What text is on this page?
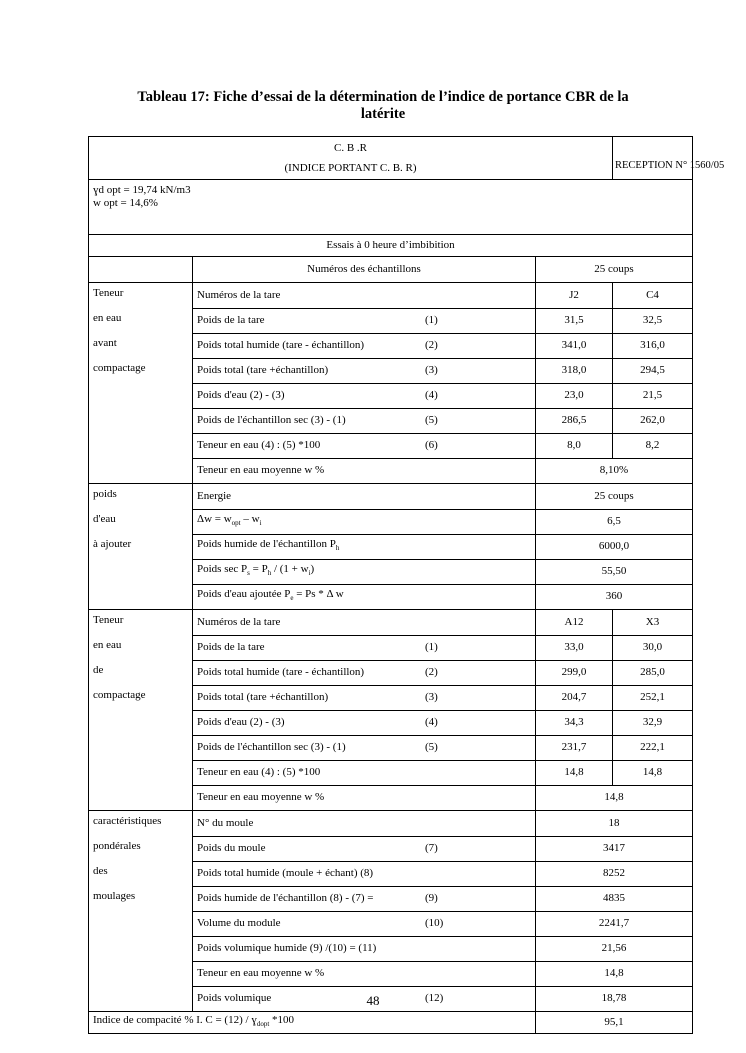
Tableau 17: Fiche d’essai de la détermination de l’indice de portance CBR de la
latérite
C. B .R
(INDICE PORTANT C. B. R)			RECEPTION N° 1560/05

ɣd opt = 19,74 kN/m3
w opt = 14,6%			

Essais à 0 heure d’imbibition			
	Numéros des échantillons	25 coups	
Teneur	Numéros de la tare	J2	C4
en eau	Poids de la tare (1)	31,5	32,5
avant	Poids total humide (tare - échantillon) (2)	341,0	316,0
compactage	Poids total (tare +échantillon) (3)	318,0	294,5
	Poids d'eau (2) - (3) (4)	23,0	21,5
	Poids de l'échantillon sec (3) - (1) (5)	286,5	262,0
	Teneur en eau (4) : (5) *100 (6)	8,0	8,2
	Teneur en eau moyenne w %	8,10%	
poids	Energie	25 coups	
d'eau	$\Delta w = w_{opt} - w_i$	6,5	
à ajouter	Poids humide de l'échantillon $P_h$	6000,0	
	Poids $\sec P_s = P_h / (1 + w_i)$	55,50	
	Poids d'eau ajoutée $P_e = Ps * \Delta$ w	360	
Teneur	Numéros de la tare	A12	X3
en eau	Poids de la tare (1)	33,0	30,0
de	Poids total humide (tare - échantillon) (2)	299,0	285,0
compactage	Poids total (tare +échantillon) (3)	204,7	252,1
	Poids d'eau (2) - (3) (4)	34,3	32,9
	Poids de l'échantillon sec (3) - (1) (5)	231,7	222,1
	Teneur en eau (4) : (5) *100	14,8	14,8
	Teneur en eau moyenne w %	14,8	
caractéristiques	N° du moule	18	
pondérales	Poids du moule (7)	3417	
des	Poids total humide (moule + échant) (8)	8252	
moulages	Poids humide de l'échantillon (8) - (7) = (9)	4835	
	Volume du module (10)	2241,7	
	Poids volumique humide (9) /(10) = (11)	21,56	
	Teneur en eau moyenne w %	14,8	
	Poids volumique (12)	18,78	
Indice de compacité % I. C = (12) / ɣ$_{dopt}$ *100		95,1	
48
